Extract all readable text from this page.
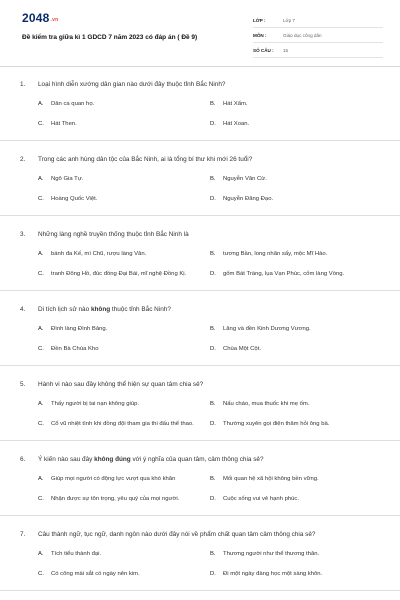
2048.vn
Đề kiểm tra giữa kì 1 GDCD 7 năm 2023 có đáp án ( Đề 9)
LỚP :	Lớp 7
MÔN :	Giáo dục công dân
SỐ CÂU :	15
1.	Loại hình diễn xướng dân gian nào dưới đây thuộc tỉnh Bắc Ninh?
A.	Dân ca quan họ.	B.	Hát Xẩm.
C.	Hát Then.	D.	Hát Xoan.
2.	Trong các anh hùng dân tộc của Bắc Ninh, ai là tổng bí thư khi mới 26 tuổi?
A.	Ngô Gia Tự.	B.	Nguyễn Văn Cừ.
C.	Hoàng Quốc Việt.	D.	Nguyễn Đăng Đạo.
3.	Những làng nghề truyền thống thuộc tỉnh Bắc Ninh là
A.	bánh đa Kế, mì Chũ, rượu làng Vân.	B.	tương Bần, long nhãn sấy, mộc Mĩ Hào.
C.	tranh Đông Hồ, đúc đồng Đại Bái, mĩ nghệ Đồng Kị.	D.	gốm Bát Tràng, lụa Vạn Phúc, cốm làng Vòng.
4.	Di tích lịch sử nào không thuộc tỉnh Bắc Ninh?
A.	Đình làng Đình Bảng.	B.	Lăng và đền Kinh Dương Vương.
C.	Đền Bà Chúa Kho	D.	Chùa Một Cột.
5.	Hành vi nào sau đây không thể hiện sự quan tâm chia sẻ?
A.	Thấy người bị tai nạn không giúp.	B.	Nấu cháo, mua thuốc khi mẹ ốm.
C.	Cổ vũ nhiệt tình khi đồng đội tham gia thi đấu thể thao.	D.	Thường xuyên gọi điện thăm hỏi ông bà.
6.	Ý kiến nào sau đây không đúng với ý nghĩa của quan tâm, cảm thông chia sẻ?
A.	Giúp mọi người có động lực vượt qua khó khăn	B.	Mối quan hệ xã hội không bền vững.
C.	Nhận được sự tôn trọng, yêu quý của mọi người.	D.	Cuộc sống vui vẻ hạnh phúc.
7.	Câu thành ngữ, tục ngữ, danh ngôn nào dưới đây nói về phẩm chất quan tâm cảm thông chia sẻ?
A.	Tích tiểu thành đại.	B.	Thương người như thể thương thân.
C.	Có công mài sắt có ngày nên kim.	D.	Đi một ngày đàng học một sàng khôn.
